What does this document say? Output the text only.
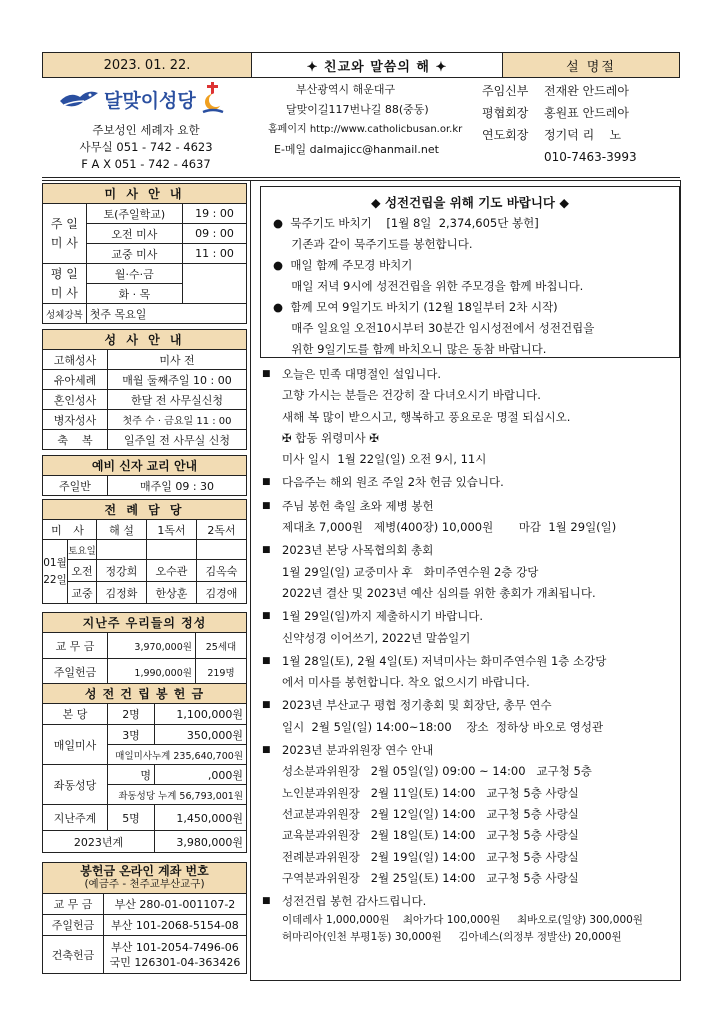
2023. 01. 22.	✦ 친교와 말씀의 해 ✦	설 명절
달맞이성당
주보성인 세례자 요한
사무실 051 - 742 - 4623
F A X 051 - 742 - 4637
부산광역시 해운대구
달맞이길117번나길 88(중동)
홈페이지 http://www.catholicbusan.or.kr
E-메일 dalmajicc@hanmail.net
주임신부	전재완 안드레아
평협회장	홍원표 안드레아
연도회장	정기덕 리    노
010-7463-3993
미 사 안 내		
주 일
미 사	토(주일학교)	19 : 00
	오전 미사	09 : 00
	교중 미사	11 : 00
평 일
미 사	월·수·금	
	화 · 목	
성체강복	첫주 목요일	
성 사 안 내	
고해성사	미사 전
유아세례	매월 둘째주일 10 : 00
혼인성사	한달 전 사무실신청
병자성사	첫주 수 · 금요일 11 : 00
축    복	일주일 전 사무실 신청
예비 신자 교리 안내
주일반	매주일 09 : 30
전 례 담 당				
미 사		해 설	1독서	2독서
01월
22일	토요일			
	오전	정강희	오수관	김옥숙
	교중	김정화	한상훈	김경애
지난주 우리들의 정성		
교 무 금	3,970,000원	25세대
주일헌금	1,990,000원	219명
성 전 건 립 봉 헌 금		
본 당	2명	1,100,000원
매일미사	3명	350,000원
	매일미사누계 235,640,700원	
좌동성당	명	,000원
	좌동성당 누계 56,793,001원	
지난주계	5명	1,450,000원
2023년계		3,980,000원
봉헌금 온라인 계좌 번호
(예금주 - 천주교부산교구)	

교 무 금	부산 280-01-001107-2
주일헌금	부산 101-2068-5154-08
건축헌금	부산 101-2054-7496-06
국민 126301-04-363426
◆ 성전건립을 위해 기도 바랍니다 ◆
●  묵주기도 바치기    [1월 8일  2,374,605단 봉헌]
기존과 같이 묵주기도를 봉헌합니다.
●  매일 함께 주모경 바치기
매일 저녁 9시에 성전건립을 위한 주모경을 함께 바칩니다.
●  함께 모여 9일기도 바치기 (12월 18일부터 2차 시작)
매주 일요일 오전10시부터 30분간 임시성전에서 성전건립을
위한 9일기도를 함께 바치오니 많은 동참 바랍니다.
■ 오늘은 민족 대명절인 설입니다.
고향 가시는 분들은 건강히 잘 다녀오시기 바랍니다.
새해 복 많이 받으시고, 행복하고 풍요로운 명절 되십시오.
✠ 합동 위령미사 ✠
미사 일시  1월 22일(일) 오전 9시, 11시
■ 다음주는 해외 원조 주일 2차 헌금 있습니다.
■ 주님 봉헌 축일 초와 제병 봉헌
제대초 7,000원   제병(400장) 10,000원       마감  1월 29일(일)
■ 2023년 본당 사목협의회 총회
1월 29일(일) 교중미사 후   화미주연수원 2층 강당
2022년 결산 및 2023년 예산 심의를 위한 총회가 개최됩니다.
■ 1월 29일(일)까지 제출하시기 바랍니다.
신약성경 이어쓰기, 2022년 말씀일기
■ 1월 28일(토), 2월 4일(토) 저녁미사는 화미주연수원 1층 소강당
에서 미사를 봉헌합니다. 착오 없으시기 바랍니다.
■ 2023년 부산교구 평협 정기총회 및 회장단, 총무 연수
일시  2월 5일(일) 14:00~18:00    장소  정하상 바오로 영성관
■ 2023년 분과위원장 연수 안내
성소분과위원장   2월 05일(일) 09:00 ~ 14:00   교구청 5층
노인분과위원장   2월 11일(토) 14:00   교구청 5층 사랑실
선교분과위원장   2월 12일(일) 14:00   교구청 5층 사랑실
교육분과위원장   2월 18일(토) 14:00   교구청 5층 사랑실
전례분과위원장   2월 19일(일) 14:00   교구청 5층 사랑실
구역분과위원장   2월 25일(토) 14:00   교구청 5층 사랑실
■ 성전건립 봉헌 감사드립니다.
이데레사 1,000,000원    최아가다 100,000원     최바오로(일양) 300,000원
허마리아(인천 부평1동) 30,000원     김아녜스(의정부 정발산) 20,000원
